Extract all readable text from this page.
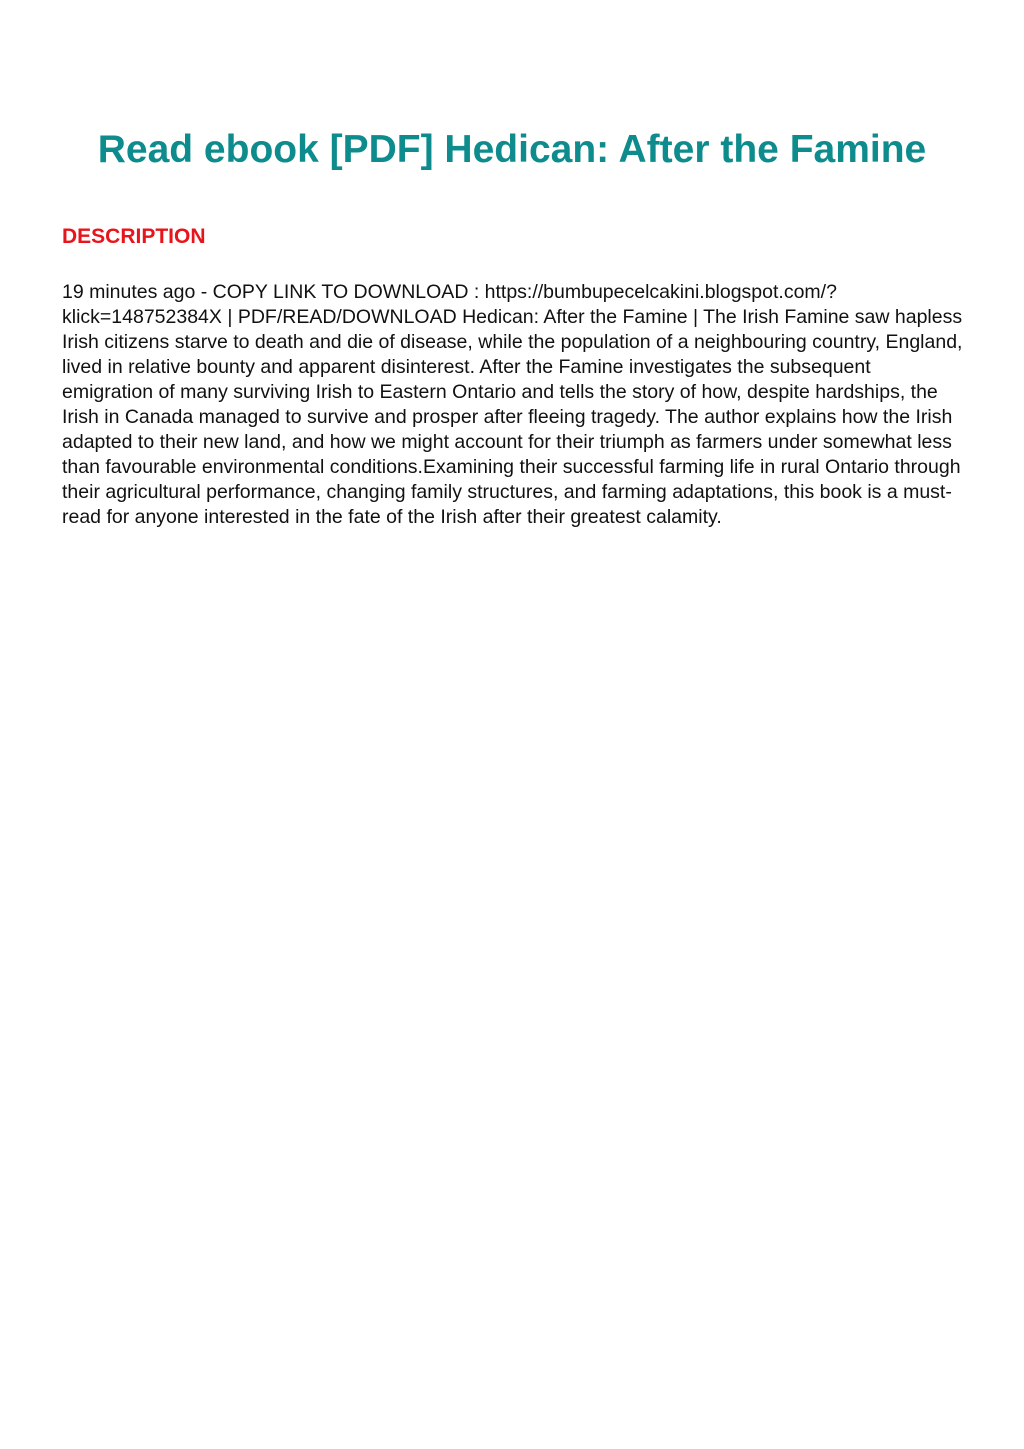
Read ebook [PDF] Hedican: After the Famine
DESCRIPTION

19 minutes ago - COPY LINK TO DOWNLOAD : https://bumbupecelcakini.blogspot.com/?klick=148752384X | PDF/READ/DOWNLOAD Hedican: After the Famine | The Irish Famine saw hapless Irish citizens starve to death and die of disease, while the population of a neighbouring country, England, lived in relative bounty and apparent disinterest. After the Famine investigates the subsequent emigration of many surviving Irish to Eastern Ontario and tells the story of how, despite hardships, the Irish in Canada managed to survive and prosper after fleeing tragedy. The author explains how the Irish adapted to their new land, and how we might account for their triumph as farmers under somewhat less than favourable environmental conditions.Examining their successful farming life in rural Ontario through their agricultural performance, changing family structures, and farming adaptations, this book is a must-read for anyone interested in the fate of the Irish after their greatest calamity.
